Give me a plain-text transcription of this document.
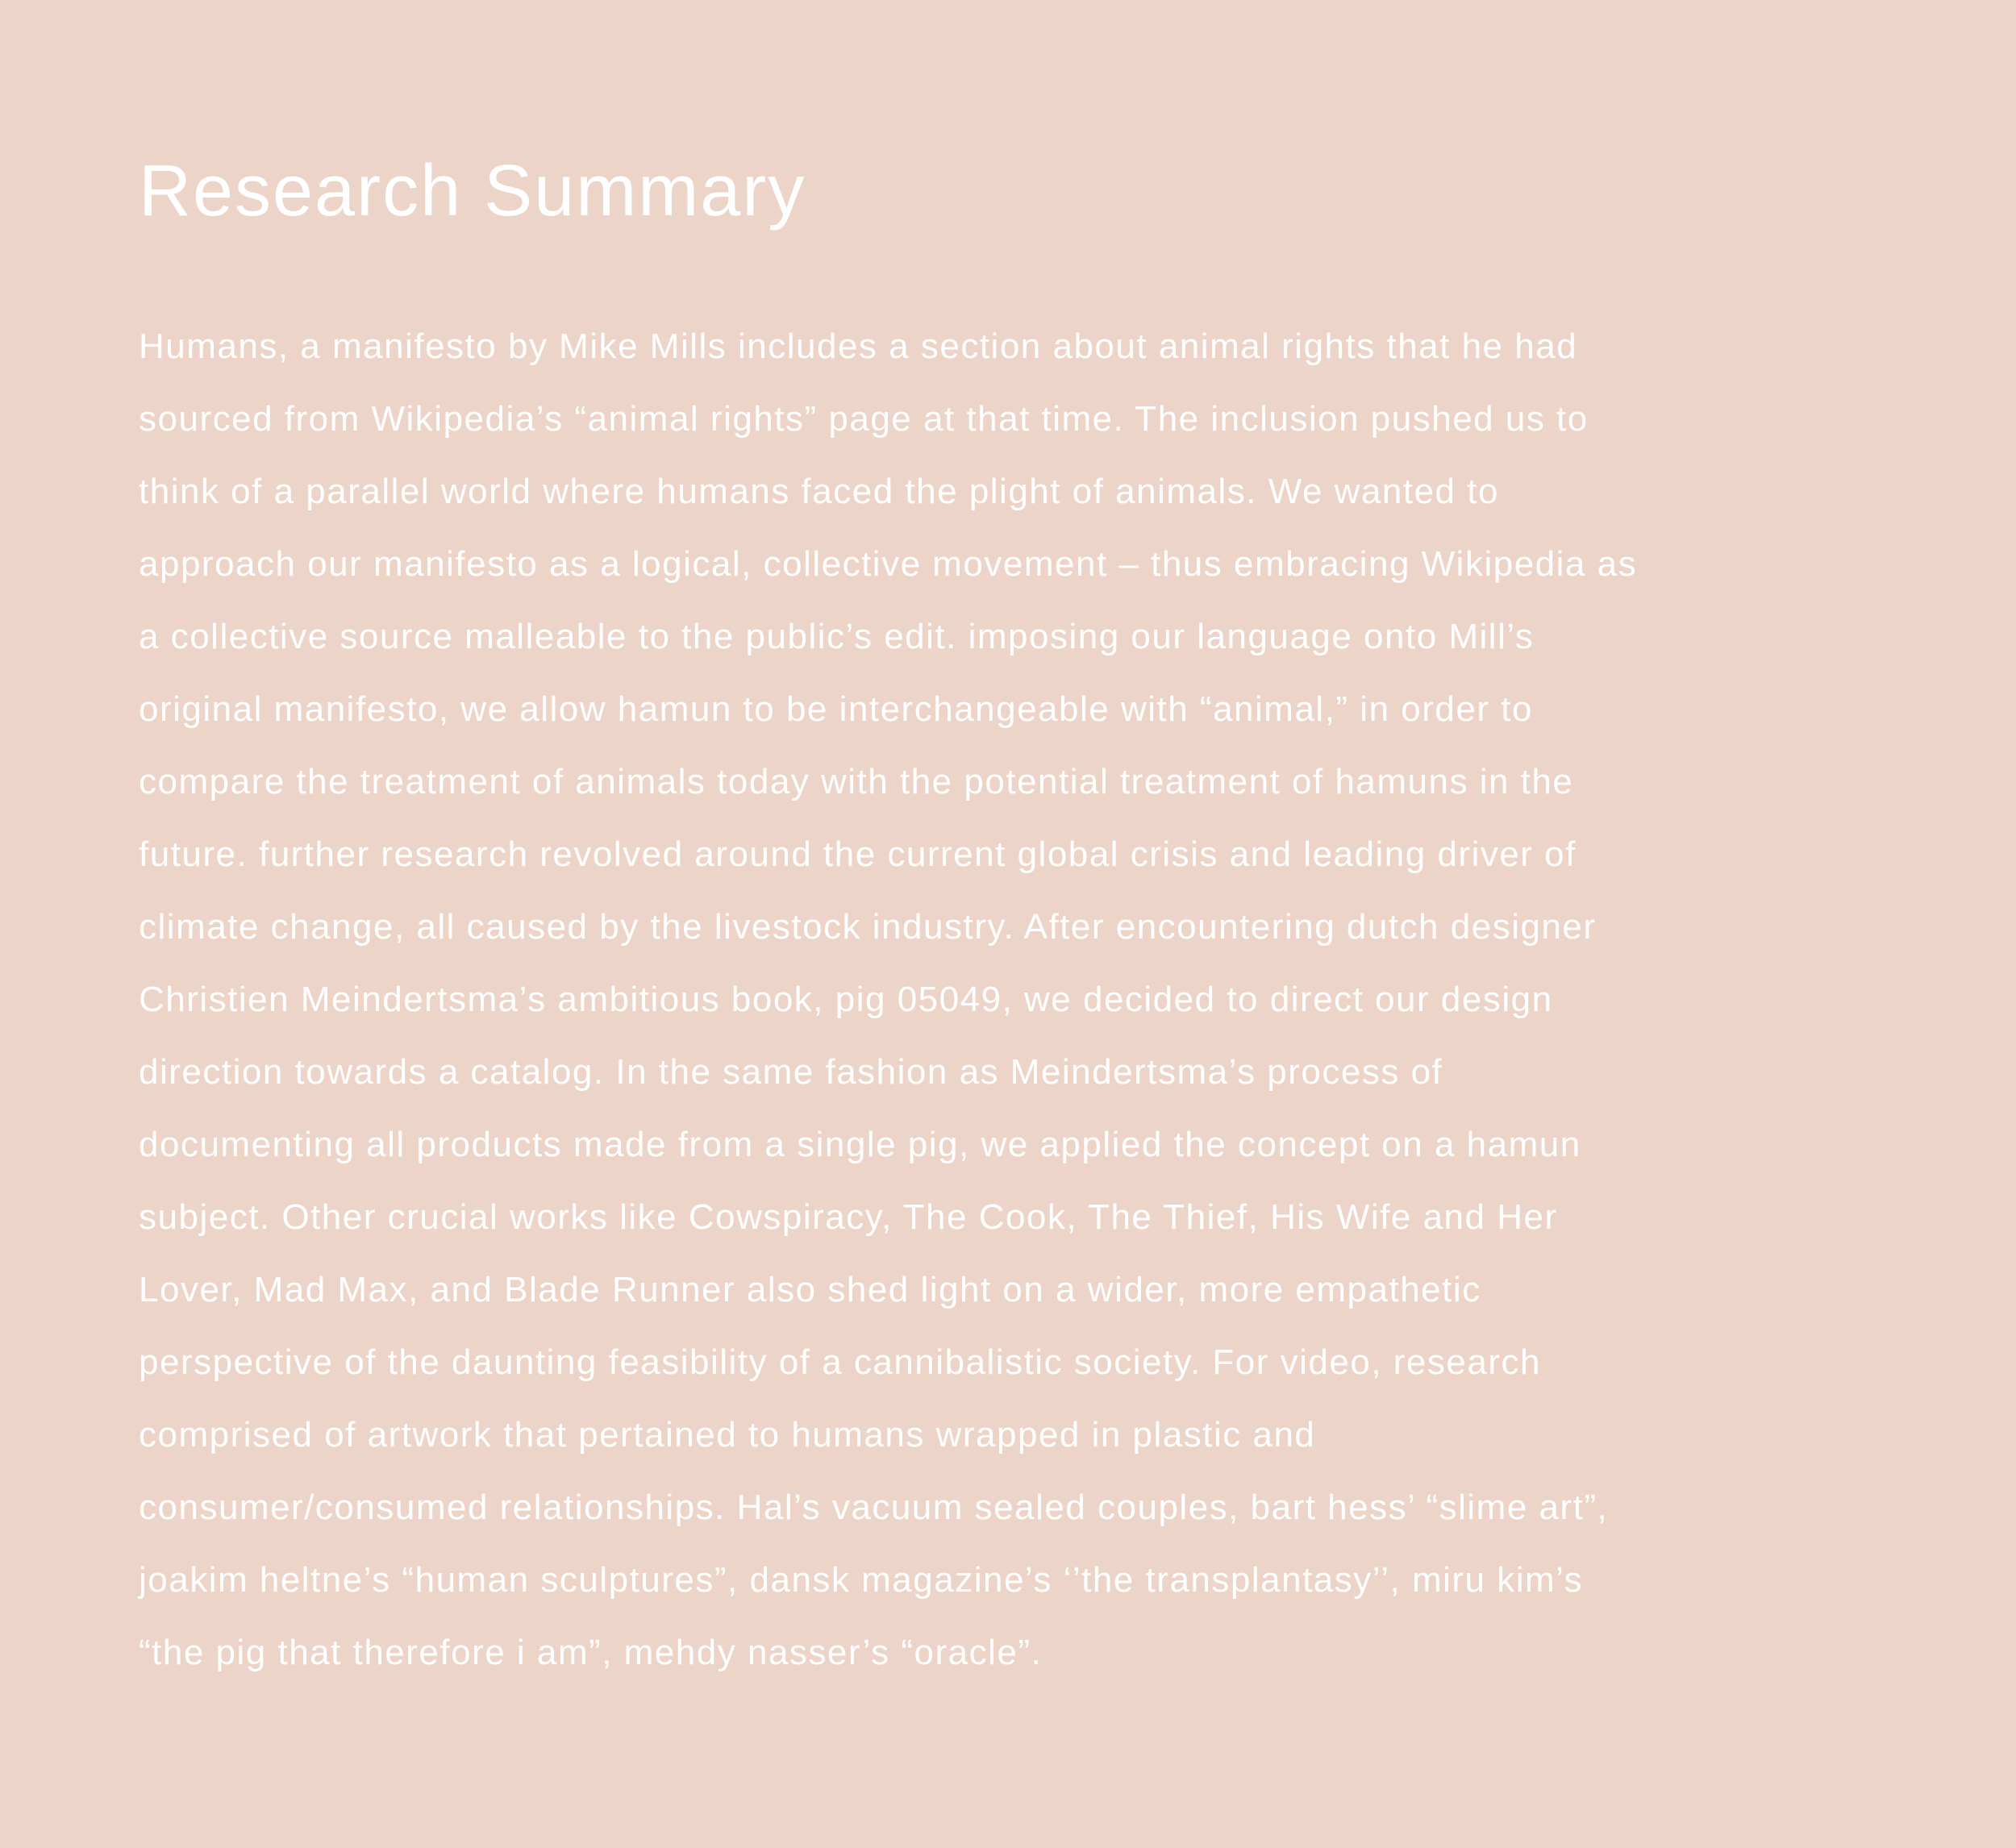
Research Summary
Humans, a manifesto by Mike Mills includes a section about animal rights that he had
sourced from Wikipedia’s “animal rights” page at that time. The inclusion pushed us to
think of a parallel world where humans faced the plight of animals. We wanted to
approach our manifesto as a logical, collective movement – thus embracing Wikipedia as
a collective source malleable to the public’s edit. imposing our language onto Mill’s
original manifesto, we allow hamun to be interchangeable with “animal,” in order to
compare the treatment of animals today with the potential treatment of hamuns in the
future. further research revolved around the current global crisis and leading driver of
climate change, all caused by the livestock industry. After encountering dutch designer
Christien Meindertsma’s ambitious book, pig 05049, we decided to direct our design
direction towards a catalog. In the same fashion as Meindertsma’s process of
documenting all products made from a single pig, we applied the concept on a hamun
subject. Other crucial works like Cowspiracy, The Cook, The Thief, His Wife and Her
Lover, Mad Max, and Blade Runner also shed light on a wider, more empathetic
perspective of the daunting feasibility of a cannibalistic society. For video, research
comprised of artwork that pertained to humans wrapped in plastic and
consumer/consumed relationships. Hal’s vacuum sealed couples, bart hess’ “slime art”,
joakim heltne’s “human sculptures”, dansk magazine’s ‘’the transplantasy’’, miru kim’s
“the pig that therefore i am”, mehdy nasser’s “oracle”.
